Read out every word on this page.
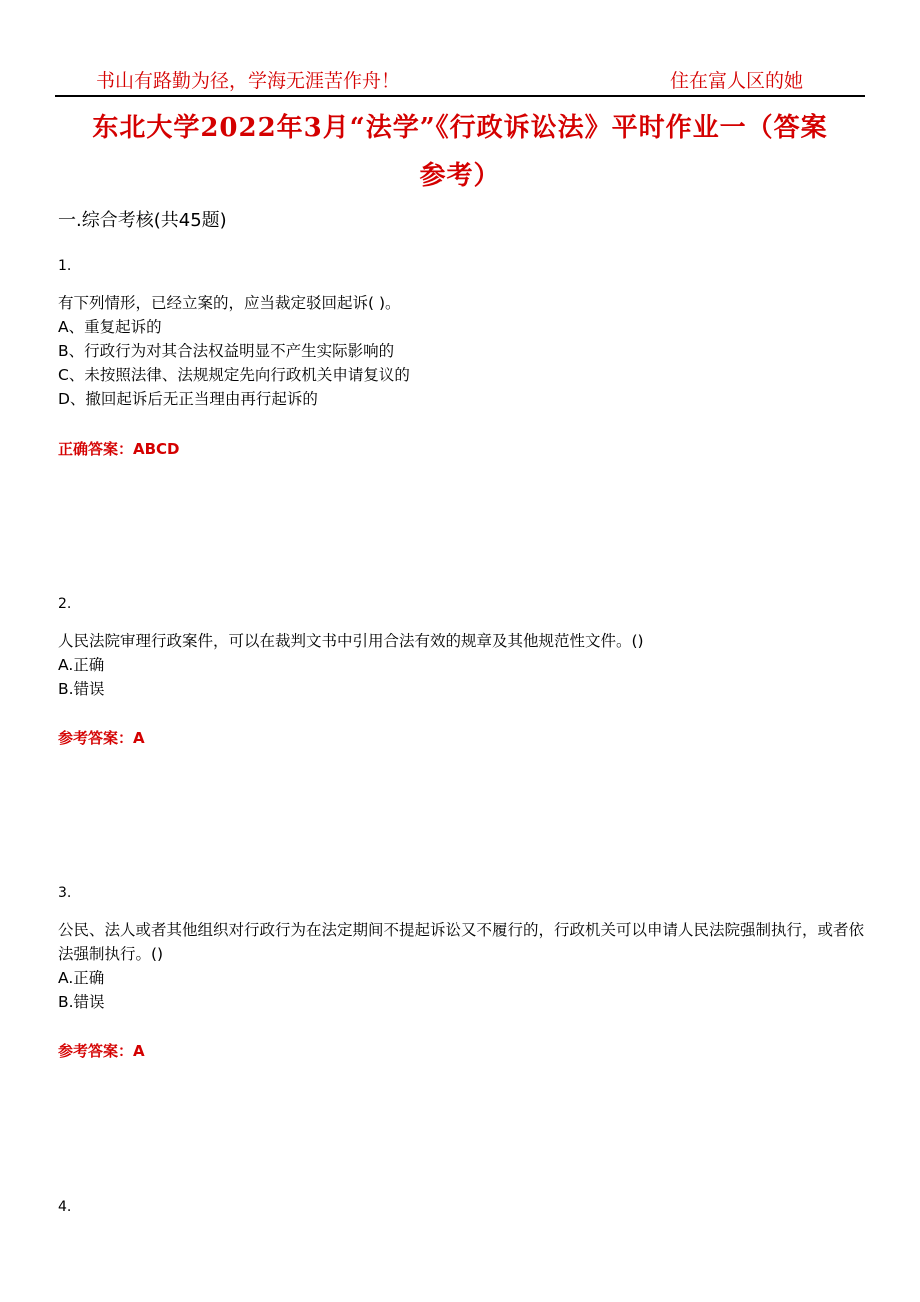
书山有路勤为径，学海无涯苦作舟！	住在富人区的她
东北大学2022年3月“法学”《行政诉讼法》平时作业一（答案
参考）
一.综合考核(共45题)
1.
有下列情形，已经立案的，应当裁定驳回起诉( )。
A、重复起诉的
B、行政行为对其合法权益明显不产生实际影响的
C、未按照法律、法规规定先向行政机关申请复议的
D、撤回起诉后无正当理由再行起诉的
正确答案：ABCD
2.
人民法院审理行政案件，可以在裁判文书中引用合法有效的规章及其他规范性文件。()
A.正确
B.错误
参考答案：A
3.
公民、法人或者其他组织对行政行为在法定期间不提起诉讼又不履行的，行政机关可以申请人民法院强制执行，或者依法强制执行。()
A.正确
B.错误
参考答案：A
4.
